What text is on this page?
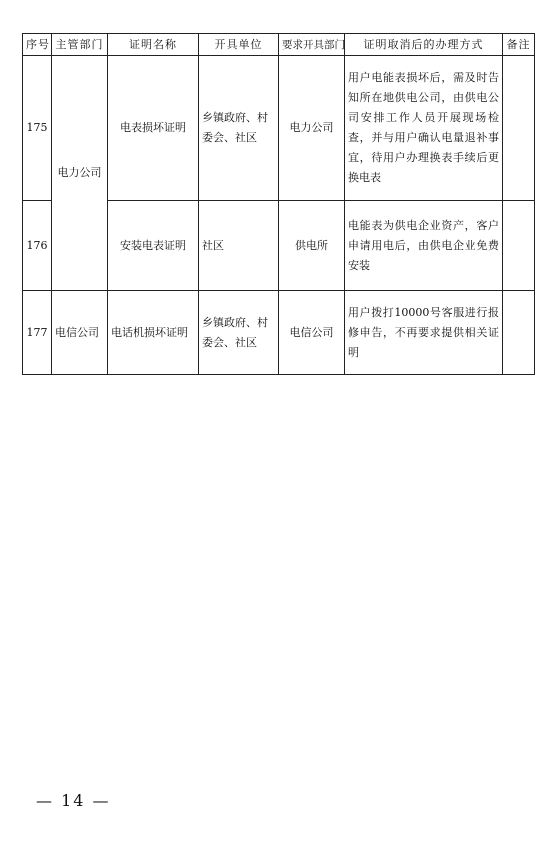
序号	主管部门	证明名称	开具单位	要求开具部门	证明取消后的办理方式	备注
175	电力公司	电表损坏证明	乡镇政府、村委会、社区	电力公司	用户电能表损坏后，需及时告知所在地供电公司，由供电公司安排工作人员开展现场检查，并与用户确认电量退补事宜，待用户办理换表手续后更换电表	
176		安装电表证明	社区	供电所	电能表为供电企业资产，客户申请用电后，由供电企业免费安装	
177	电信公司	电话机损坏证明	乡镇政府、村委会、社区	电信公司	用户拨打10000号客服进行报修申告，不再要求提供相关证明	
— 14 —
